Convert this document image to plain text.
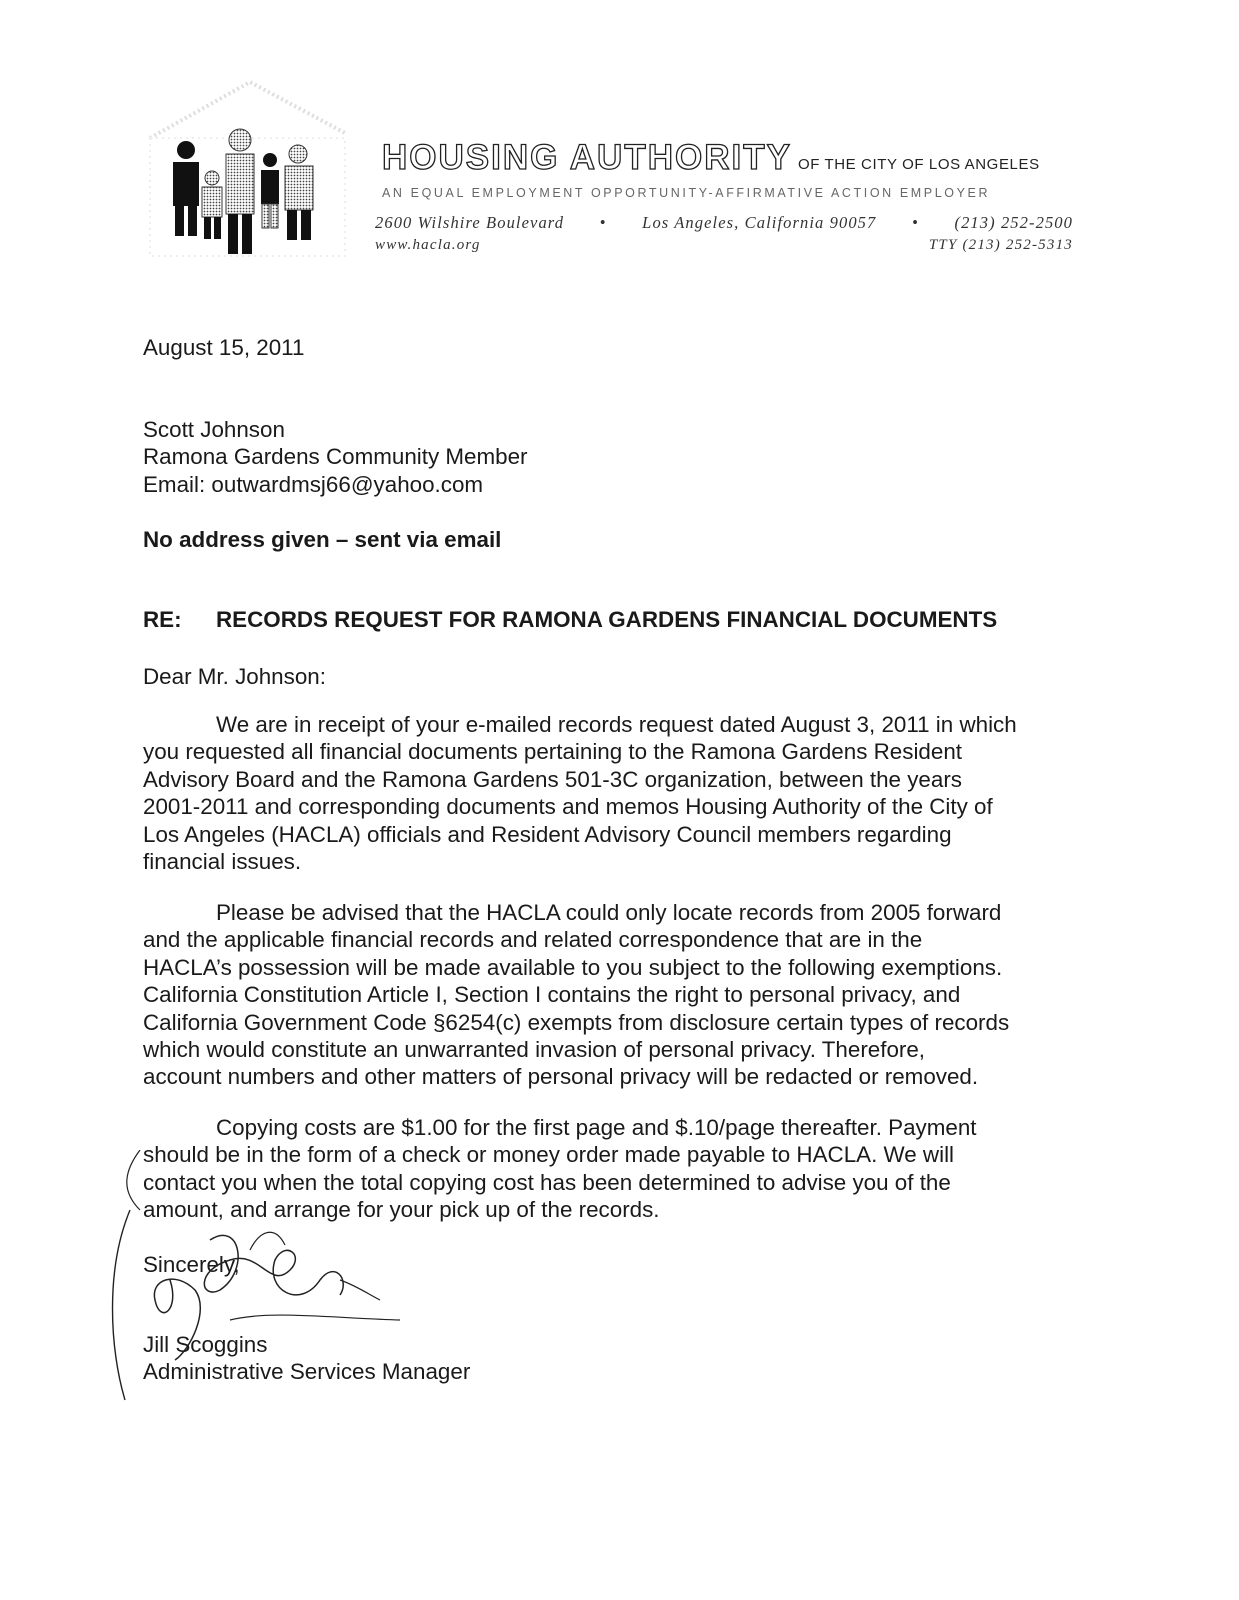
HOUSING AUTHORITY OF THE CITY OF LOS ANGELES
AN EQUAL EMPLOYMENT OPPORTUNITY-AFFIRMATIVE ACTION EMPLOYER
2600 Wilshire Boulevard • Los Angeles, California 90057 • (213) 252-2500
www.hacla.org	TTY (213) 252-5313
August 15, 2011
Scott Johnson
Ramona Gardens Community Member
Email: outwardmsj66@yahoo.com
No address given – sent via email
RE: RECORDS REQUEST FOR RAMONA GARDENS FINANCIAL DOCUMENTS
Dear Mr. Johnson:
We are in receipt of your e-mailed records request dated August 3, 2011 in which
you requested all financial documents pertaining to the Ramona Gardens Resident
Advisory Board and the Ramona Gardens 501-3C organization, between the years
2001-2011 and corresponding documents and memos Housing Authority of the City of
Los Angeles (HACLA) officials and Resident Advisory Council members regarding
financial issues.
Please be advised that the HACLA could only locate records from 2005 forward
and the applicable financial records and related correspondence that are in the
HACLA’s possession will be made available to you subject to the following exemptions.
California Constitution Article I, Section I contains the right to personal privacy, and
California Government Code §6254(c) exempts from disclosure certain types of records
which would constitute an unwarranted invasion of personal privacy. Therefore,
account numbers and other matters of personal privacy will be redacted or removed.
Copying costs are $1.00 for the first page and $.10/page thereafter. Payment
should be in the form of a check or money order made payable to HACLA. We will
contact you when the total copying cost has been determined to advise you of the
amount, and arrange for your pick up of the records.
Sincerely,
Jill Scoggins
Administrative Services Manager
